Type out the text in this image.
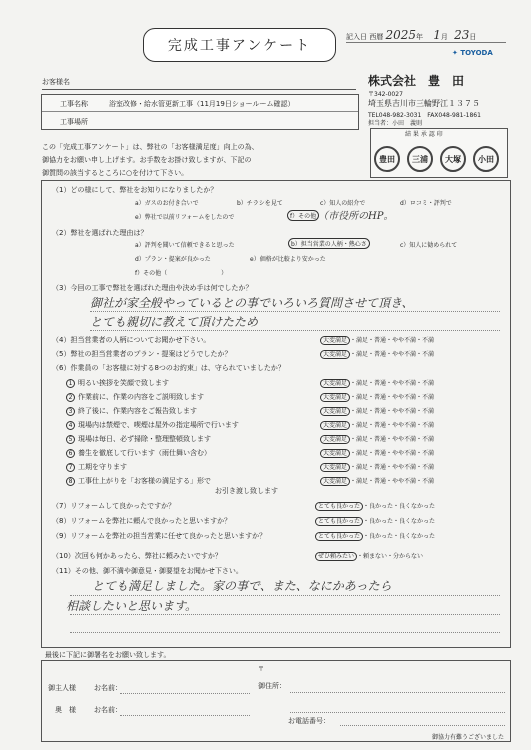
完成工事アンケート
記入日 西暦 2025年 1月 23日
✦ TOYODA
お客様名
工事名称	浴室改修・給水管更新工事（11月19日ショールーム確認）
工事場所
株式会社　豊　田
〒342-0027
埼玉県吉川市三輪野江１３７５
TEL048-982-3031　FAX048-981-1861
担当者：小田　義則
結 果 承 認 印
豊田	三浦	大塚	小田
この「完成工事アンケート」は、弊社の「お客様満足度」向上の為、
御協力をお願い申し上げます。お手数をお掛け致しますが、下記の
御質問の該当するところに○を付けて下さい。
（1）どの様にして、弊社をお知りになりましたか？
a）ガスのお付き合いで	b）チラシを見て	c）知人の紹介で	d）ロコミ・評判で
e）弊社で以前リフォームをしたので	f）その他 （市役所のHP。
（2）弊社を選ばれた理由は？
a）評判を聞いて信頼できると思った	b）担当営業の人柄・熱心さ	c）知人に勧められて
d）プラン・提案が良かった	e）価格が比較より安かった
f）その他（　　　　　　　　　）
（3）今回の工事で弊社を選ばれた理由や決め手は何でしたか？
御社が家全般やっているとの事でいろいろ質問させて頂き、
とても親切に教えて頂けたため
（4）担当営業者の人柄についてお聞かせ下さい。	大変満足 ・満足・普通・やや不満・不満
（5）弊社の担当営業者のプラン・提案はどうでしたか？	大変満足 ・満足・普通・やや不満・不満
（6）作業員の「お客様に対する8つのお約束」は、守られていましたか？
1 明るい挨拶を笑顔で致します	大変満足 ・満足・普通・やや不満・不満
2 作業前に、作業の内容をご説明致します	大変満足 ・満足・普通・やや不満・不満
3 終了後に、作業内容をご報告致します	大変満足 ・満足・普通・やや不満・不満
4 現場内は禁煙で、喫煙は屋外の指定場所で行います	大変満足 ・満足・普通・やや不満・不満
5 現場は毎日、必ず掃除・整理整頓致します	大変満足 ・満足・普通・やや不満・不満
6 養生を徹底して行います（雨仕舞い含む）	大変満足 ・満足・普通・やや不満・不満
7 工期を守ります	大変満足 ・満足・普通・やや不満・不満
8 工事仕上がりを「お客様の満足する」形で	大変満足 ・満足・普通・やや不満・不満
お引き渡し致します
（7）リフォームして良かったですか？	とても良かった ・良かった・良くなかった
（8）リフォームを弊社に頼んで良かったと思いますか？	とても良かった ・良かった・良くなかった
（9）リフォームを弊社の担当営業に任せて良かったと思いますか？	とても良かった ・良かった・良くなかった
（10）次回も何かあったら、弊社に頼みたいですか？	ぜひ頼みたい ・頼まない・分からない
（11）その他、御不満や御意見・御要望をお聞かせ下さい。
とても満足しました。家の事で、また、なにかあったら
相談したいと思います。
最後に下記に御署名をお願い致します。
〒
御主人様	お名前：	御住所：
奥　様	お名前：
お電話番号：
御協力有難うございました
